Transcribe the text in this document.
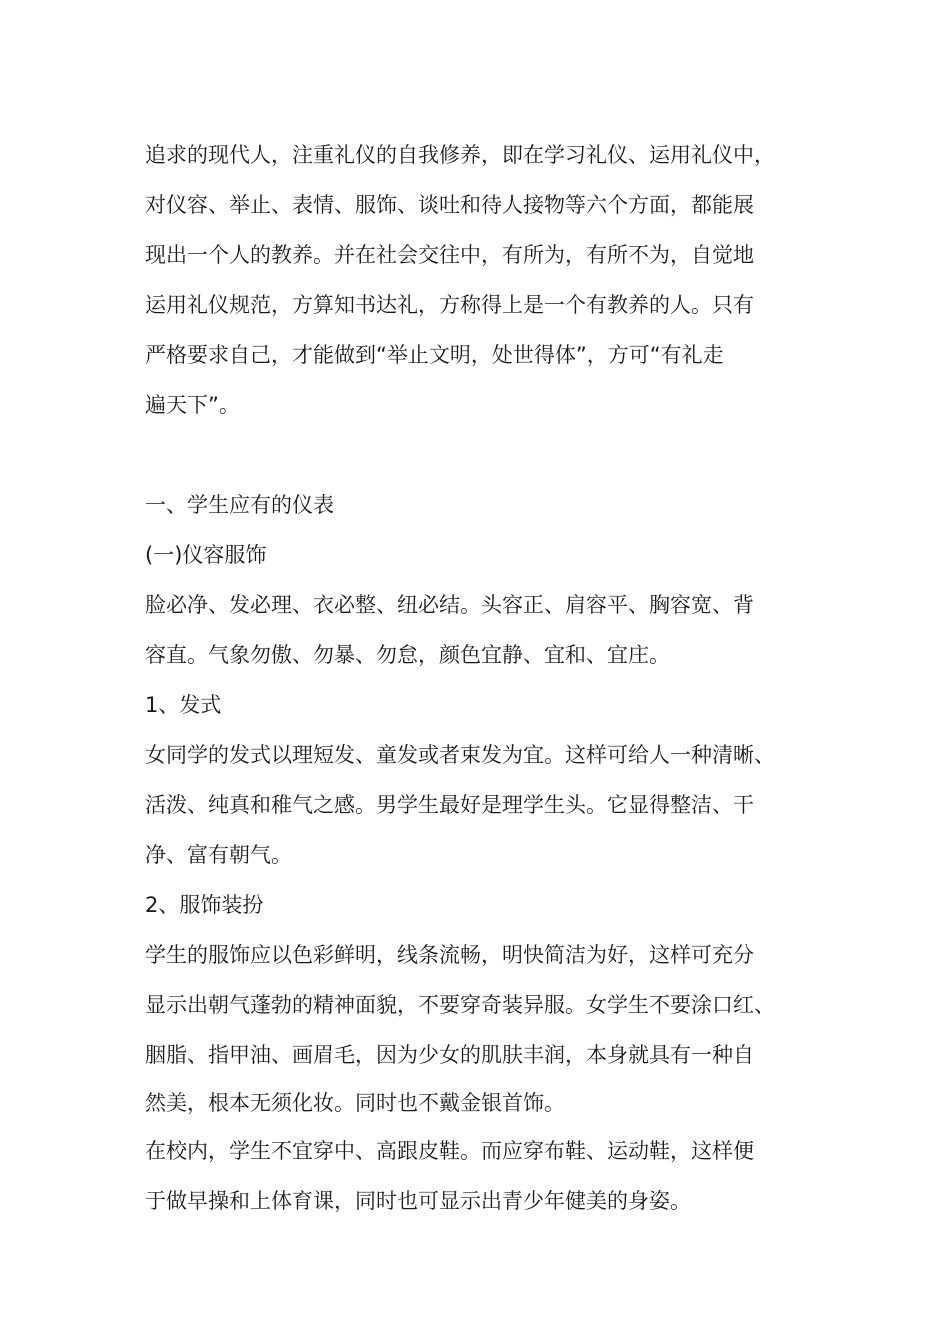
追求的现代人，注重礼仪的自我修养，即在学习礼仪、运用礼仪中，
对仪容、举止、表情、服饰、谈吐和待人接物等六个方面，都能展
现出一个人的教养。并在社会交往中，有所为，有所不为，自觉地
运用礼仪规范，方算知书达礼，方称得上是一个有教养的人。只有
严格要求自己，才能做到“举止文明，处世得体”，方可“有礼走
遍天下”。
一、学生应有的仪表
(一)仪容服饰
脸必净、发必理、衣必整、纽必结。头容正、肩容平、胸容宽、背
容直。气象勿傲、勿暴、勿怠，颜色宜静、宜和、宜庄。
1、发式
女同学的发式以理短发、童发或者束发为宜。这样可给人一种清晰、
活泼、纯真和稚气之感。男学生最好是理学生头。它显得整洁、干
净、富有朝气。
2、服饰装扮
学生的服饰应以色彩鲜明，线条流畅，明快简洁为好，这样可充分
显示出朝气蓬勃的精神面貌，不要穿奇装异服。女学生不要涂口红、
胭脂、指甲油、画眉毛，因为少女的肌肤丰润，本身就具有一种自
然美，根本无须化妆。同时也不戴金银首饰。
在校内，学生不宜穿中、高跟皮鞋。而应穿布鞋、运动鞋，这样便
于做早操和上体育课，同时也可显示出青少年健美的身姿。
